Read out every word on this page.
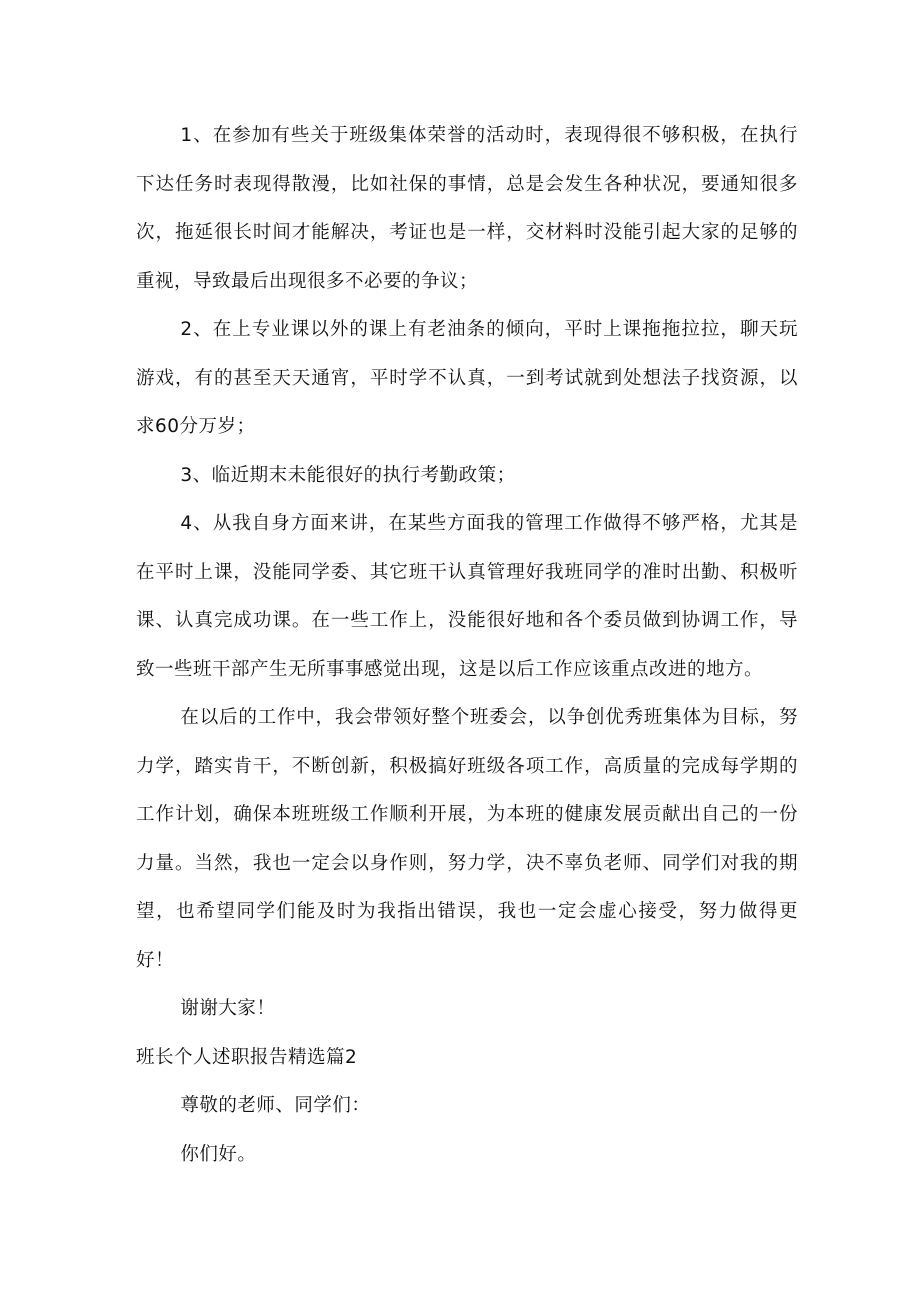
1、在参加有些关于班级集体荣誉的活动时，表现得很不够积极，在执行下达任务时表现得散漫，比如社保的事情，总是会发生各种状况，要通知很多次，拖延很长时间才能解决，考证也是一样，交材料时没能引起大家的足够的重视，导致最后出现很多不必要的争议；

2、在上专业课以外的课上有老油条的倾向，平时上课拖拖拉拉，聊天玩游戏，有的甚至天天通宵，平时学不认真，一到考试就到处想法子找资源，以求60分万岁；

3、临近期末未能很好的执行考勤政策；

4、从我自身方面来讲，在某些方面我的管理工作做得不够严格，尤其是在平时上课，没能同学委、其它班干认真管理好我班同学的准时出勤、积极听课、认真完成功课。在一些工作上，没能很好地和各个委员做到协调工作，导致一些班干部产生无所事事感觉出现，这是以后工作应该重点改进的地方。

在以后的工作中，我会带领好整个班委会，以争创优秀班集体为目标，努力学，踏实肯干，不断创新，积极搞好班级各项工作，高质量的完成每学期的工作计划，确保本班班级工作顺利开展，为本班的健康发展贡献出自己的一份力量。当然，我也一定会以身作则，努力学，决不辜负老师、同学们对我的期望，也希望同学们能及时为我指出错误，我也一定会虚心接受，努力做得更好！

谢谢大家！

班长个人述职报告精选篇2

尊敬的老师、同学们：

你们好。
